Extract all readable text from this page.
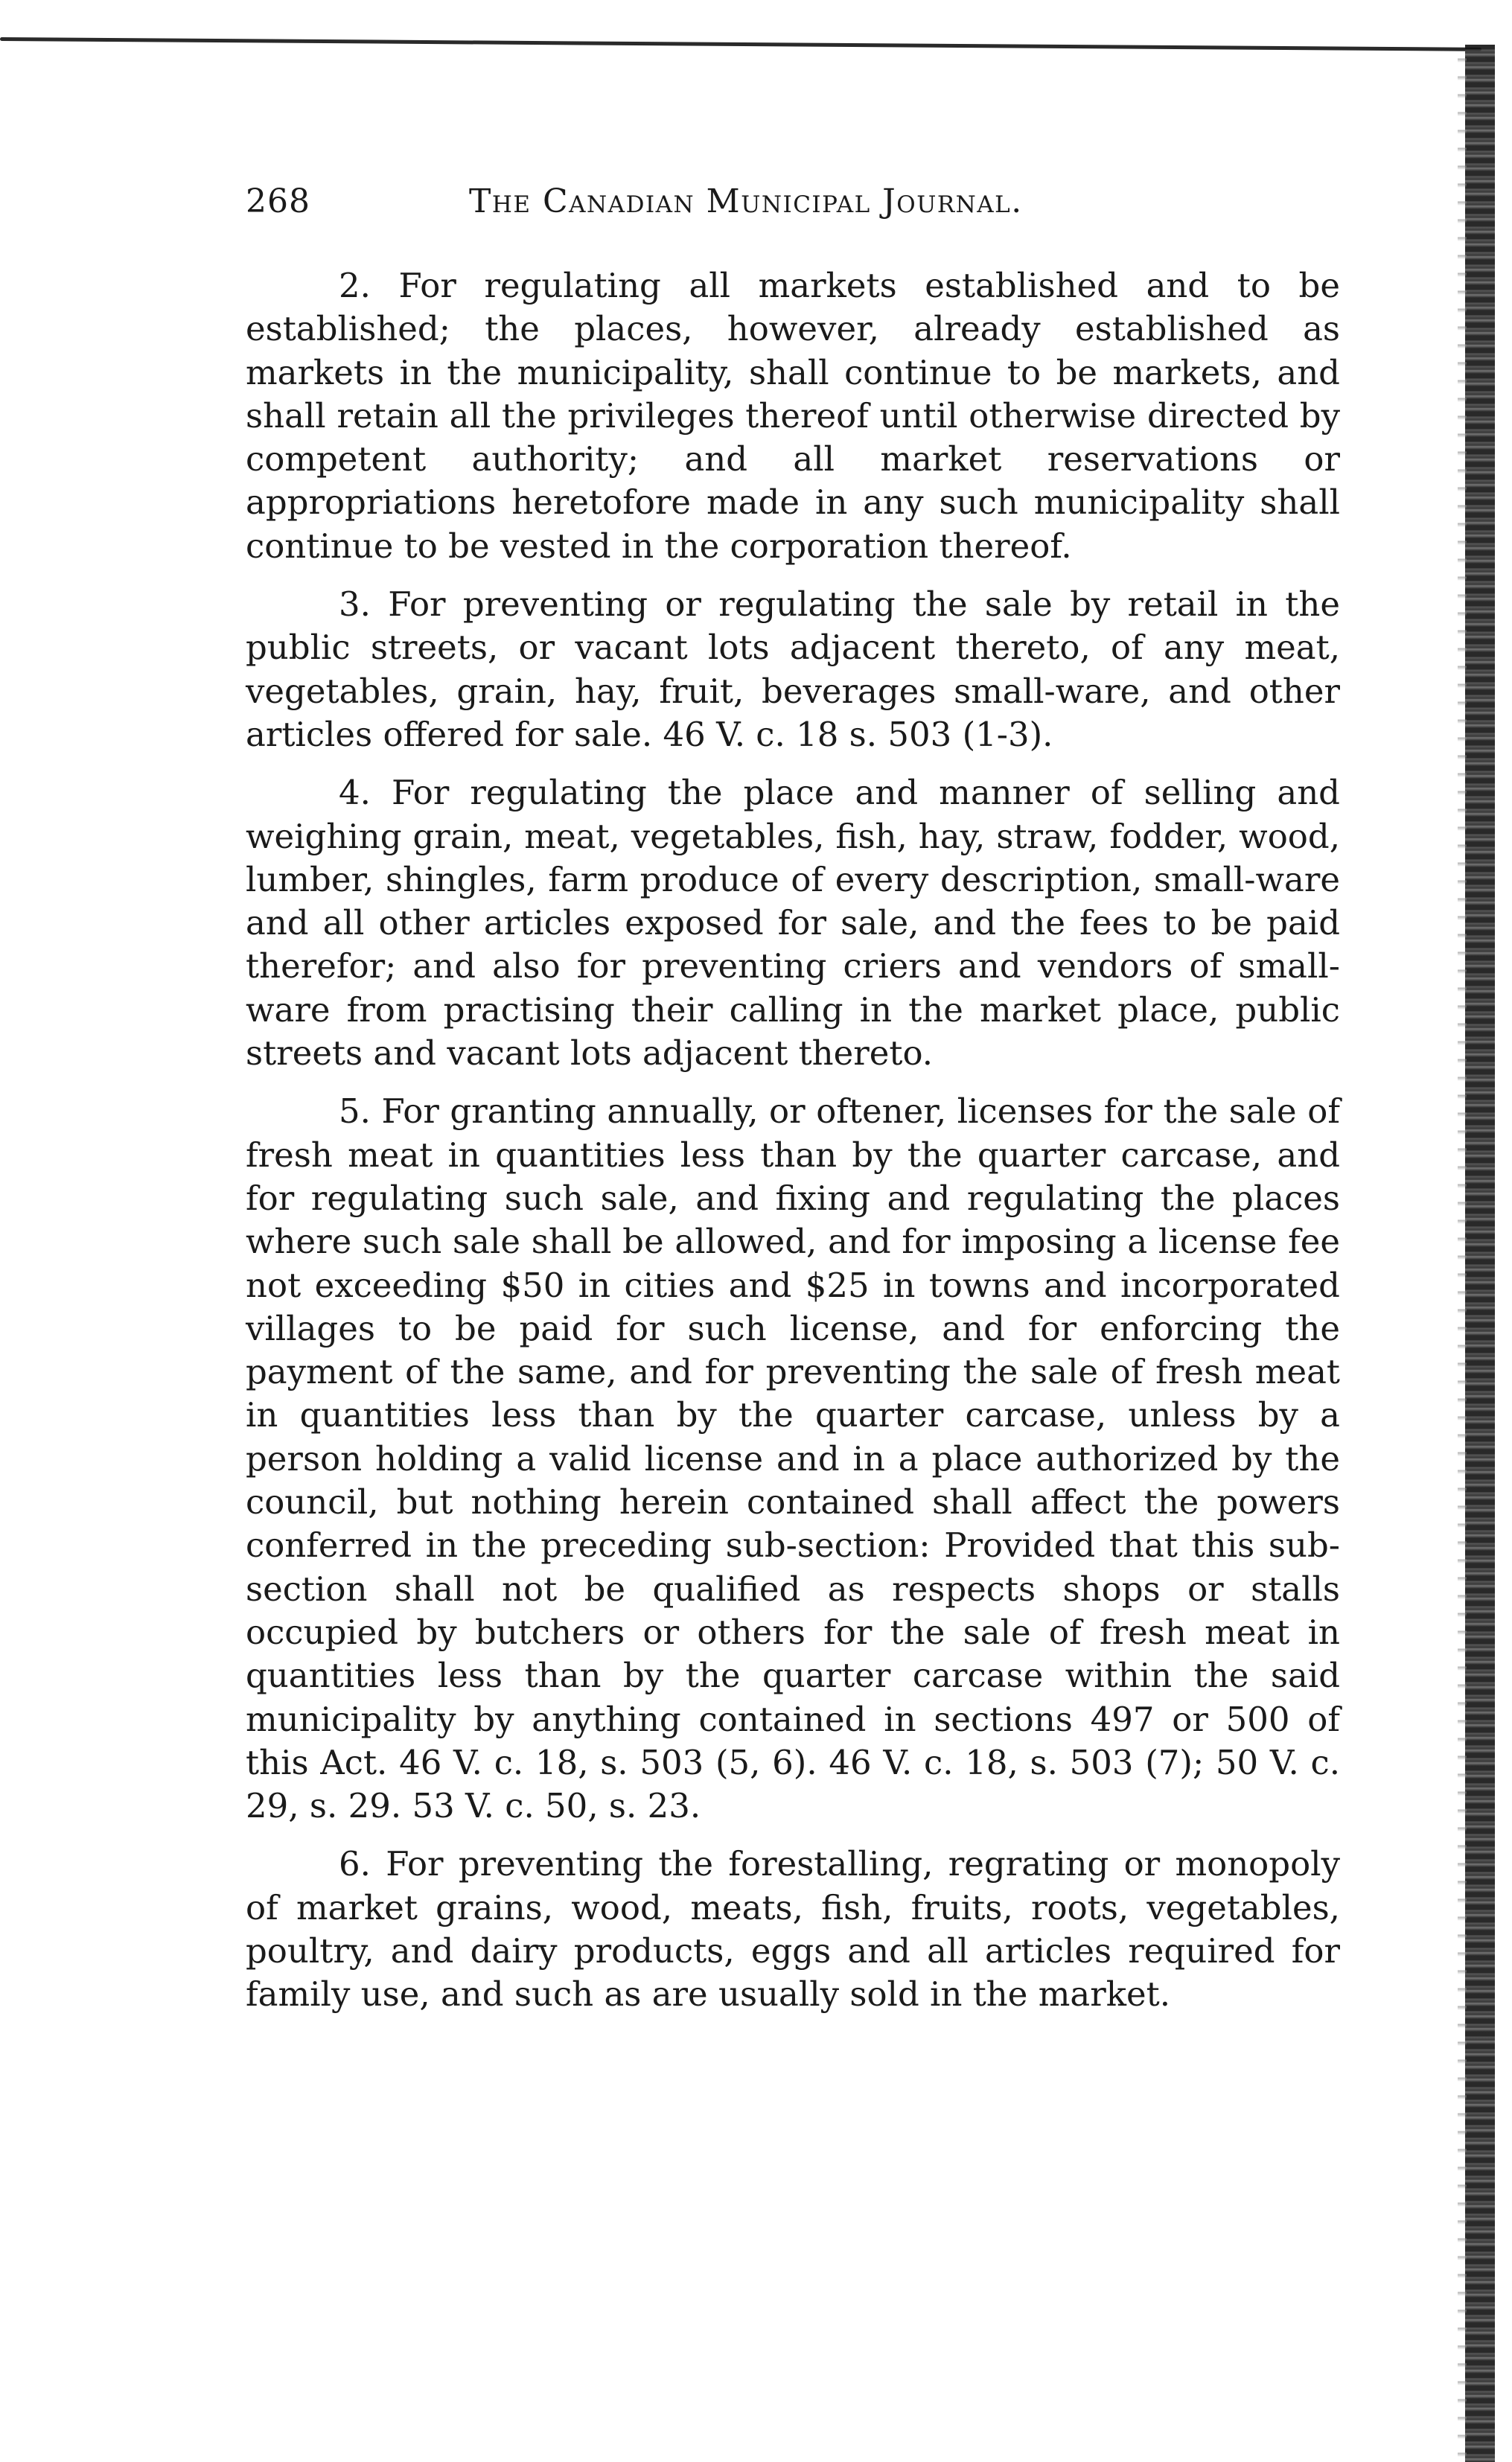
268	The Canadian Municipal Journal.

2. For regulating all markets established and to be established; the places, however, already established as markets in the municipality, shall continue to be markets, and shall retain all the privileges thereof until otherwise directed by competent authority; and all market reservations or appropriations heretofore made in any such municipality shall continue to be vested in the corporation thereof.

3. For preventing or regulating the sale by retail in the public streets, or vacant lots adjacent thereto, of any meat, vegetables, grain, hay, fruit, beverages small-ware, and other articles offered for sale. 46 V. c. 18 s. 503 (1-3).

4. For regulating the place and manner of selling and weighing grain, meat, vegetables, fish, hay, straw, fodder, wood, lumber, shingles, farm produce of every description, small-ware and all other articles exposed for sale, and the fees to be paid therefor; and also for preventing criers and vendors of small-ware from practising their calling in the market place, public streets and vacant lots adjacent thereto.

5. For granting annually, or oftener, licenses for the sale of fresh meat in quantities less than by the quarter carcase, and for regulating such sale, and fixing and regulating the places where such sale shall be allowed, and for imposing a license fee not exceeding $50 in cities and $25 in towns and incorporated villages to be paid for such license, and for enforcing the payment of the same, and for preventing the sale of fresh meat in quantities less than by the quarter carcase, unless by a person holding a valid license and in a place authorized by the council, but nothing herein contained shall affect the powers conferred in the preceding sub-section: Provided that this sub-section shall not be qualified as respects shops or stalls occupied by butchers or others for the sale of fresh meat in quantities less than by the quarter carcase within the said municipality by anything contained in sections 497 or 500 of this Act. 46 V. c. 18, s. 503 (5, 6). 46 V. c. 18, s. 503 (7); 50 V. c. 29, s. 29. 53 V. c. 50, s. 23.

6. For preventing the forestalling, regrating or monopoly of market grains, wood, meats, fish, fruits, roots, vegetables, poultry, and dairy products, eggs and all articles required for family use, and such as are usually sold in the market.
